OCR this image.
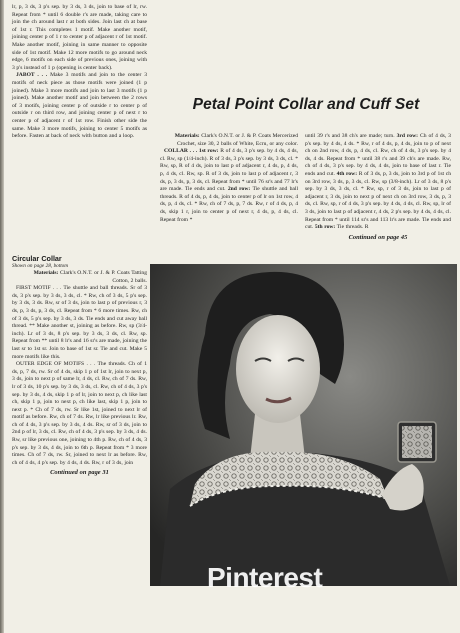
lr, p, 3 ds, 3 p's sep. by 3 ds, 3 ds, join to base of lr, rw. Repeat from * until 6 double r's are made, taking care to join the ch around last r at both sides. Join last ch at base of 1st r. This completes 1 motif. Make another motif, joining center p of 1 r to center p of adjacent r of 1st motif. Make another motif, joining in same manner to opposite side of 1st motif. Make 12 more motifs to go around neck edge, 6 motifs on each side of previous ones, joining with 3 p's instead of 1 p (opening is center back).

JABOT . . . Make 3 motifs and join to the center 3 motifs of neck piece as those motifs were joined (1 p joined). Make 3 more motifs and join to last 3 motifs (1 p joined). Make another motif and join between the 2 rows of 3 motifs, joining center p of outside r to center p of outside r on third row, and joining center p of next r to center p of adjacent r of 1st row. Finish other side the same. Make 3 more motifs, joining to center 5 motifs as before. Fasten at back of neck with button and a loop.

Circular Collar
Shown on page 28, bottom

Materials: Clark's O.N.T. or J. & P. Coats Tatting Cotton, 2 balls.

FIRST MOTIF . . . Tie shuttle and ball threads. Sr of 3 ds, 3 p's sep. by 3 ds, 3 ds, cl. * Rw, ch of 3 ds, 5 p's sep. by 3 ds, 3 ds. Rw, sr of 3 ds, join to last p of previous r, 3 ds, p, 3 ds, p, 3 ds, cl. Repeat from * 6 more times. Rw, ch of 3 ds, 5 p's sep. by 3 ds, 3 ds. Tie ends and cut away ball thread. ** Make another st, joining as before. Rw, sp (3/4-inch). Lr of 3 ds, 8 p's sep. by 3 ds, 3 ds, cl. Rw, sp. Repeat from ** until 8 lr's and 16 sr's are made, joining the last sr to 1st sr. Join to base of 1st sr. Tie and cut. Make 5 more motifs like this.

OUTER EDGE OF MOTIFS . . . The threads. Ch of 1 ds, p, 7 ds, rw. Sr of 4 ds, skip 1 p of 1st lr, join to next p, 3 ds, join to next p of same lr, 4 ds, cl. Rw, ch of 7 ds. Rw, lr of 3 ds, 10 p's sep. by 3 ds, 3 ds, cl. Rw, ch of 4 ds, 3 p's sep. by 3 ds, 4 ds, skip 1 p of lr, join to next p, ch like last ch, skip 1 p, join to next p, ch like last, skip 1 p, join to next p. * Ch of 7 ds, rw. Sr like 1st, joined to next lr of motif as before. Rw, ch of 7 ds. Rw, lr like previous lr. Rw, ch of 4 ds, 3 p's sep. by 3 ds, 4 ds. Rw, sr of 3 ds, join to 2nd p of lr, 3 ds, cl. Rw, ch of 4 ds, 3 p's sep. by 3 ds, 4 ds. Rw, sr like previous one, joining to 4th p. Rw, ch of 4 ds, 3 p's sep. by 3 ds, 4 ds, join to 6th p. Repeat from * 3 more times. Ch of 7 ds, rw. Sr, joined to next lr as before. Rw, ch of 4 ds, 4 p's sep. by 4 ds, 4 ds. Rw, r of 3 ds, join

Continued on page 31
Petal Point Collar and Cuff Set

Materials: Clark's O.N.T. or J. & P. Coats Mercerized Crochet, size 30, 2 balls of White, Ecru, or any color.

COLLAR . . . 1st row: R of 4 ds, 3 p's sep. by 4 ds, 4 ds, cl. Rw, sp (1/4-inch). R of 3 ds, 3 p's sep. by 3 ds, 3 ds, cl. * Rw, sp, R of 4 ds, join to last p of adjacent r, 4 ds, p, 4 ds, p, 4 ds, cl. Rw, sp. R of 3 ds, join to last p of adjacent r, 3 ds, p, 3 ds, p, 3 ds, cl. Repeat from * until 76 sr's and 77 lr's are made. Tie ends and cut. 2nd row: Tie shuttle and ball threads. R of 4 ds, p, 4 ds, join to center p of lr on 1st row, 4 ds, p, 4 ds, cl. * Rw, ch of 7 ds, p, 7 ds. Rw, r of 4 ds, p, 4 ds, skip 1 r, join to center p of next r, 4 ds, p, 4 ds, cl. Repeat from *

until 39 r's and 38 ch's are made; turn. 3rd row: Ch of 4 ds, 3 p's sep. by 4 ds, 4 ds. * Rw, r of 4 ds, p, 4 ds, join to p of next ch on 2nd row, 4 ds, p, 4 ds, cl. Rw, ch of 4 ds, 3 p's sep. by 4 ds, 4 ds. Repeat from * until 38 r's and 39 ch's are made. Rw, ch of 4 ds, 3 p's sep. by 4 ds, 4 ds, join to base of last r. Tie ends and cut. 4th row: R of 3 ds, p, 3 ds, join to 3rd p of 1st ch on 3rd row, 3 ds, p, 3 ds, cl. Rw, sp (3/8-inch). Lr of 3 ds, 8 p's sep. by 3 ds, 3 ds, cl. * Rw, sp, r of 3 ds, join to last p of adjacent r, 3 ds, join to next p of next ch on 3rd row, 3 ds, p, 3 ds, cl. Rw, sp, r of 4 ds, 3 p's sep. by 4 ds, 4 ds, cl. Rw, sp, lr of 3 ds, join to last p of adjacent r, 4 ds, 2 p's sep. by 4 ds, 4 ds, cl. Repeat from * until 114 sr's and 113 lr's are made. Tie ends and cut. 5th row: Tie threads. R

Continued on page 45
Pinterest
